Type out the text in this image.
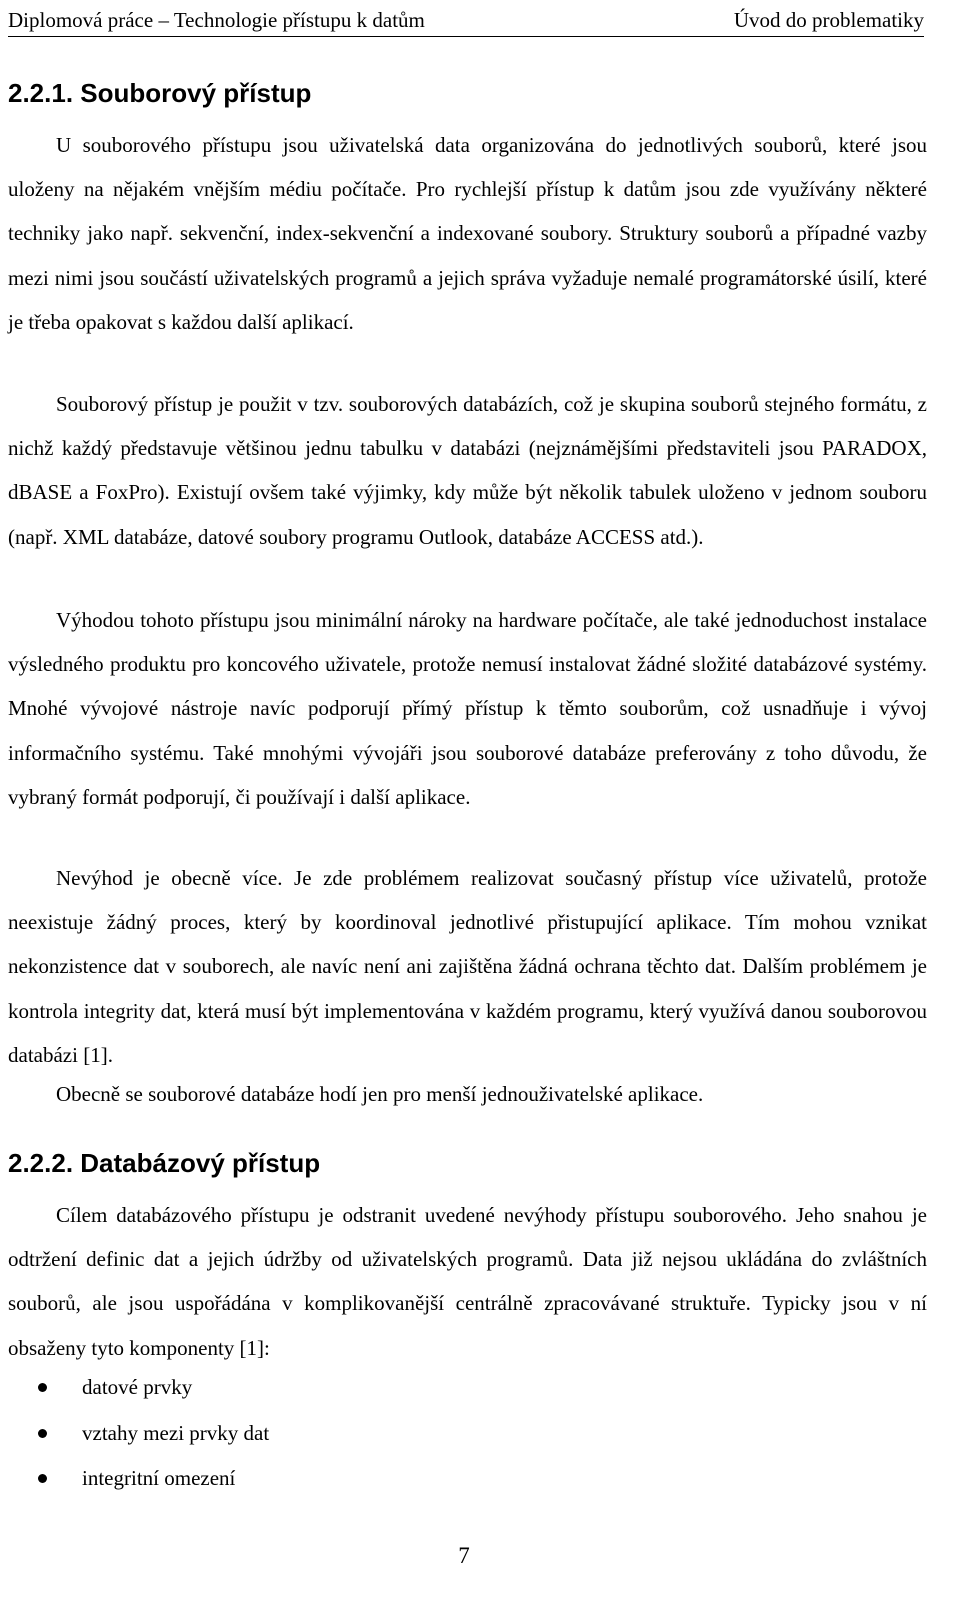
Diplomová práce – Technologie přístupu k datům	Úvod do problematiky
2.2.1. Souborový přístup

U souborového přístupu jsou uživatelská data organizována do jednotlivých souborů, které jsou uloženy na nějakém vnějším médiu počítače. Pro rychlejší přístup k datům jsou zde využívány některé techniky jako např. sekvenční, index-sekvenční a indexované soubory. Struktury souborů a případné vazby mezi nimi jsou součástí uživatelských programů a jejich správa vyžaduje nemalé programátorské úsilí, které je třeba opakovat s každou další aplikací.

Souborový přístup je použit v tzv. souborových databázích, což je skupina souborů stejného formátu, z nichž každý představuje většinou jednu tabulku v databázi (nejznámějšími představiteli jsou PARADOX, dBASE a FoxPro). Existují ovšem také výjimky, kdy může být několik tabulek uloženo v jednom souboru (např. XML databáze, datové soubory programu Outlook, databáze ACCESS atd.).

Výhodou tohoto přístupu jsou minimální nároky na hardware počítače, ale také jednoduchost instalace výsledného produktu pro koncového uživatele, protože nemusí instalovat žádné složité databázové systémy. Mnohé vývojové nástroje navíc podporují přímý přístup k těmto souborům, což usnadňuje i vývoj informačního systému. Také mnohými vývojáři jsou souborové databáze preferovány z toho důvodu, že vybraný formát podporují, či používají i další aplikace.

Nevýhod je obecně více. Je zde problémem realizovat současný přístup více uživatelů, protože neexistuje žádný proces, který by koordinoval jednotlivé přistupující aplikace. Tím mohou vznikat nekonzistence dat v souborech, ale navíc není ani zajištěna žádná ochrana těchto dat. Dalším problémem je kontrola integrity dat, která musí být implementována v každém programu, který využívá danou souborovou databázi [1].

Obecně se souborové databáze hodí jen pro menší jednouživatelské aplikace.

2.2.2. Databázový přístup

Cílem databázového přístupu je odstranit uvedené nevýhody přístupu souborového. Jeho snahou je odtržení definic dat a jejich údržby od uživatelských programů. Data již nejsou ukládána do zvláštních souborů, ale jsou uspořádána v komplikovanější centrálně zpracovávané struktuře. Typicky jsou v ní obsaženy tyto komponenty [1]:

datové prvky
vztahy mezi prvky dat
integritní omezení
7
